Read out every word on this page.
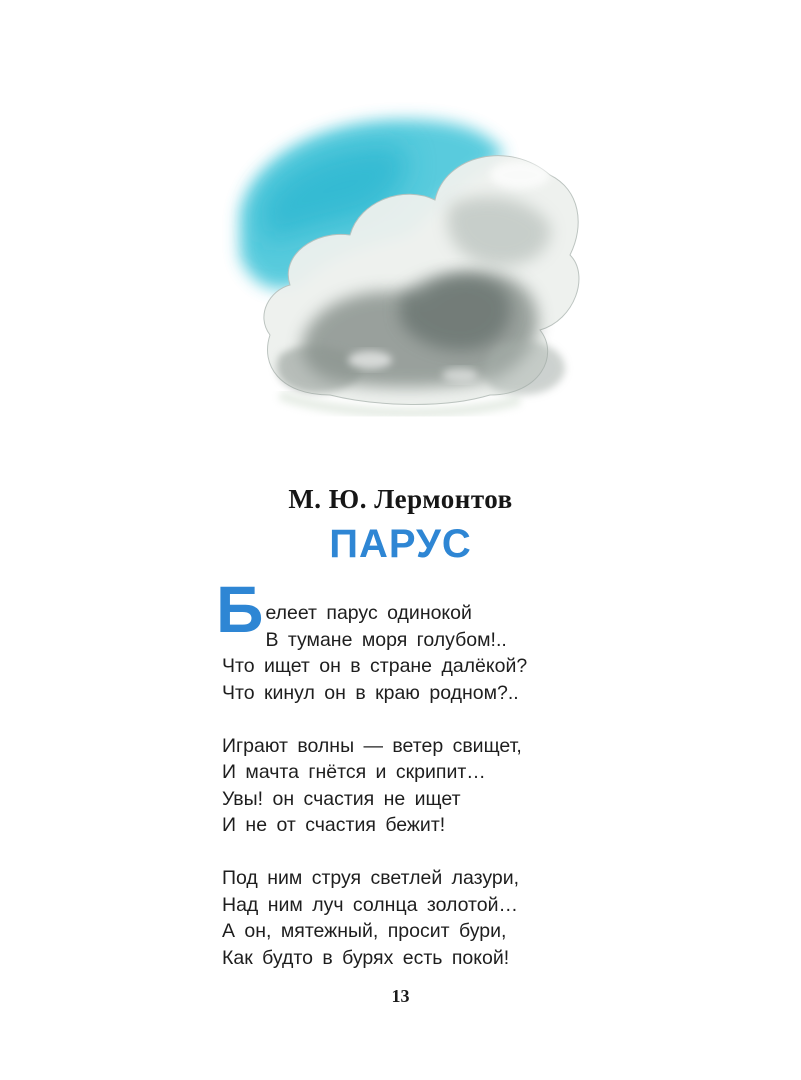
М. Ю. Лермонтов
ПАРУС
Б елеет парус одинокой
В тумане моря голубом!..
Что ищет он в стране далёкой?
Что кинул он в краю родном?..
Играют волны — ветер свищет,
И мачта гнётся и скрипит…
Увы! он счастия не ищет
И не от счастия бежит!
Под ним струя светлей лазури,
Над ним луч солнца золотой…
А он, мятежный, просит бури,
Как будто в бурях есть покой!
13
